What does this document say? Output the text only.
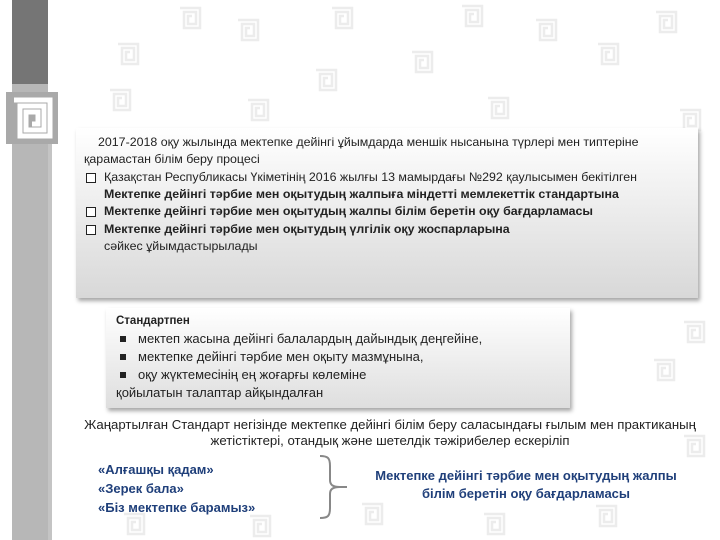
2017-2018 оқу жылында мектепке дейінгі ұйымдарда меншік нысанына түрлері мен типтеріне қарамастан білім беру процесі

Қазақстан Республикасы Үкіметінің 2016 жылғы 13 мамырдағы №292 қаулысымен бекітілген Мектепке дейінгі тәрбие мен оқытудың жалпыға міндетті мемлекеттік стандартына
Мектепке дейінгі тәрбие мен оқытудың жалпы білім беретін оқу бағдарламасы
Мектепке дейінгі тәрбие мен оқытудың үлгілік оқу жоспарларына
сәйкес ұйымдастырылады
Стандартпен
мектеп жасына дейінгі балалардың дайындық деңгейіне,
мектепке дейінгі тәрбие мен оқыту мазмұнына,
оқу жүктемесінің ең жоғарғы көлеміне
қойылатын талаптар айқындалған
Жаңартылған Стандарт негізінде мектепке дейінгі білім беру саласындағы ғылым мен практиканың жетістіктері, отандық және шетелдік тәжірибелер ескеріліп
«Алғашқы қадам»
«Зерек бала»
«Біз мектепке барамыз»
Мектепке дейінгі тәрбие мен оқытудың жалпы білім беретін оқу бағдарламасы
